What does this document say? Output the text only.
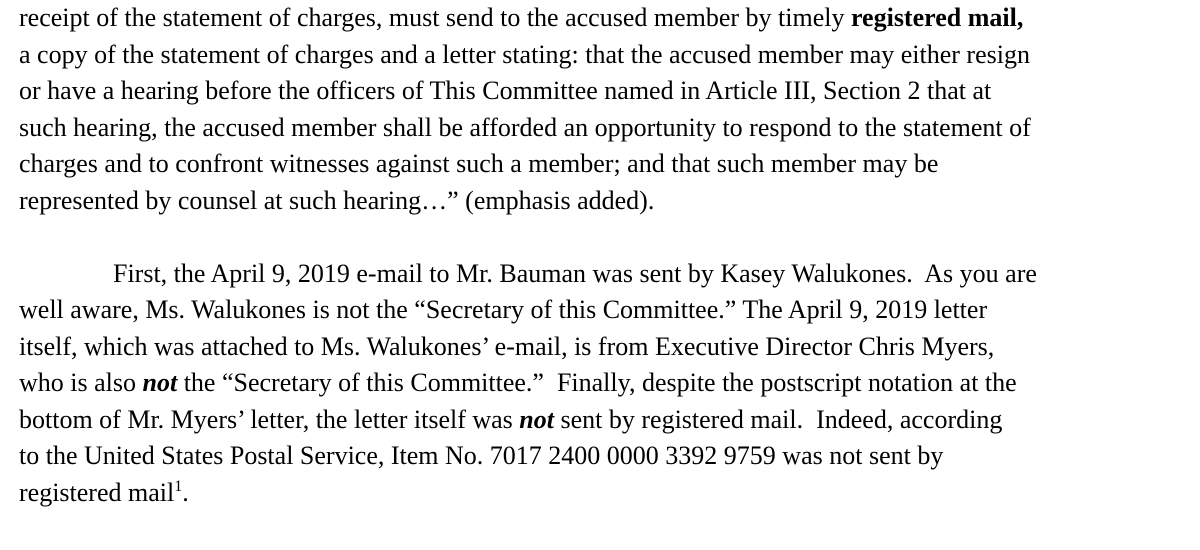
receipt of the statement of charges, must send to the accused member by timely registered mail,
a copy of the statement of charges and a letter stating: that the accused member may either resign
or have a hearing before the officers of This Committee named in Article III, Section 2 that at
such hearing, the accused member shall be afforded an opportunity to respond to the statement of
charges and to confront witnesses against such a member; and that such member may be
represented by counsel at such hearing…” (emphasis added).
First, the April 9, 2019 e-mail to Mr. Bauman was sent by Kasey Walukones.  As you are
well aware, Ms. Walukones is not the “Secretary of this Committee.” The April 9, 2019 letter
itself, which was attached to Ms. Walukones’ e-mail, is from Executive Director Chris Myers,
who is also not the “Secretary of this Committee.”  Finally, despite the postscript notation at the
bottom of Mr. Myers’ letter, the letter itself was not sent by registered mail.  Indeed, according
to the United States Postal Service, Item No. 7017 2400 0000 3392 9759 was not sent by
registered mail$^1$.
